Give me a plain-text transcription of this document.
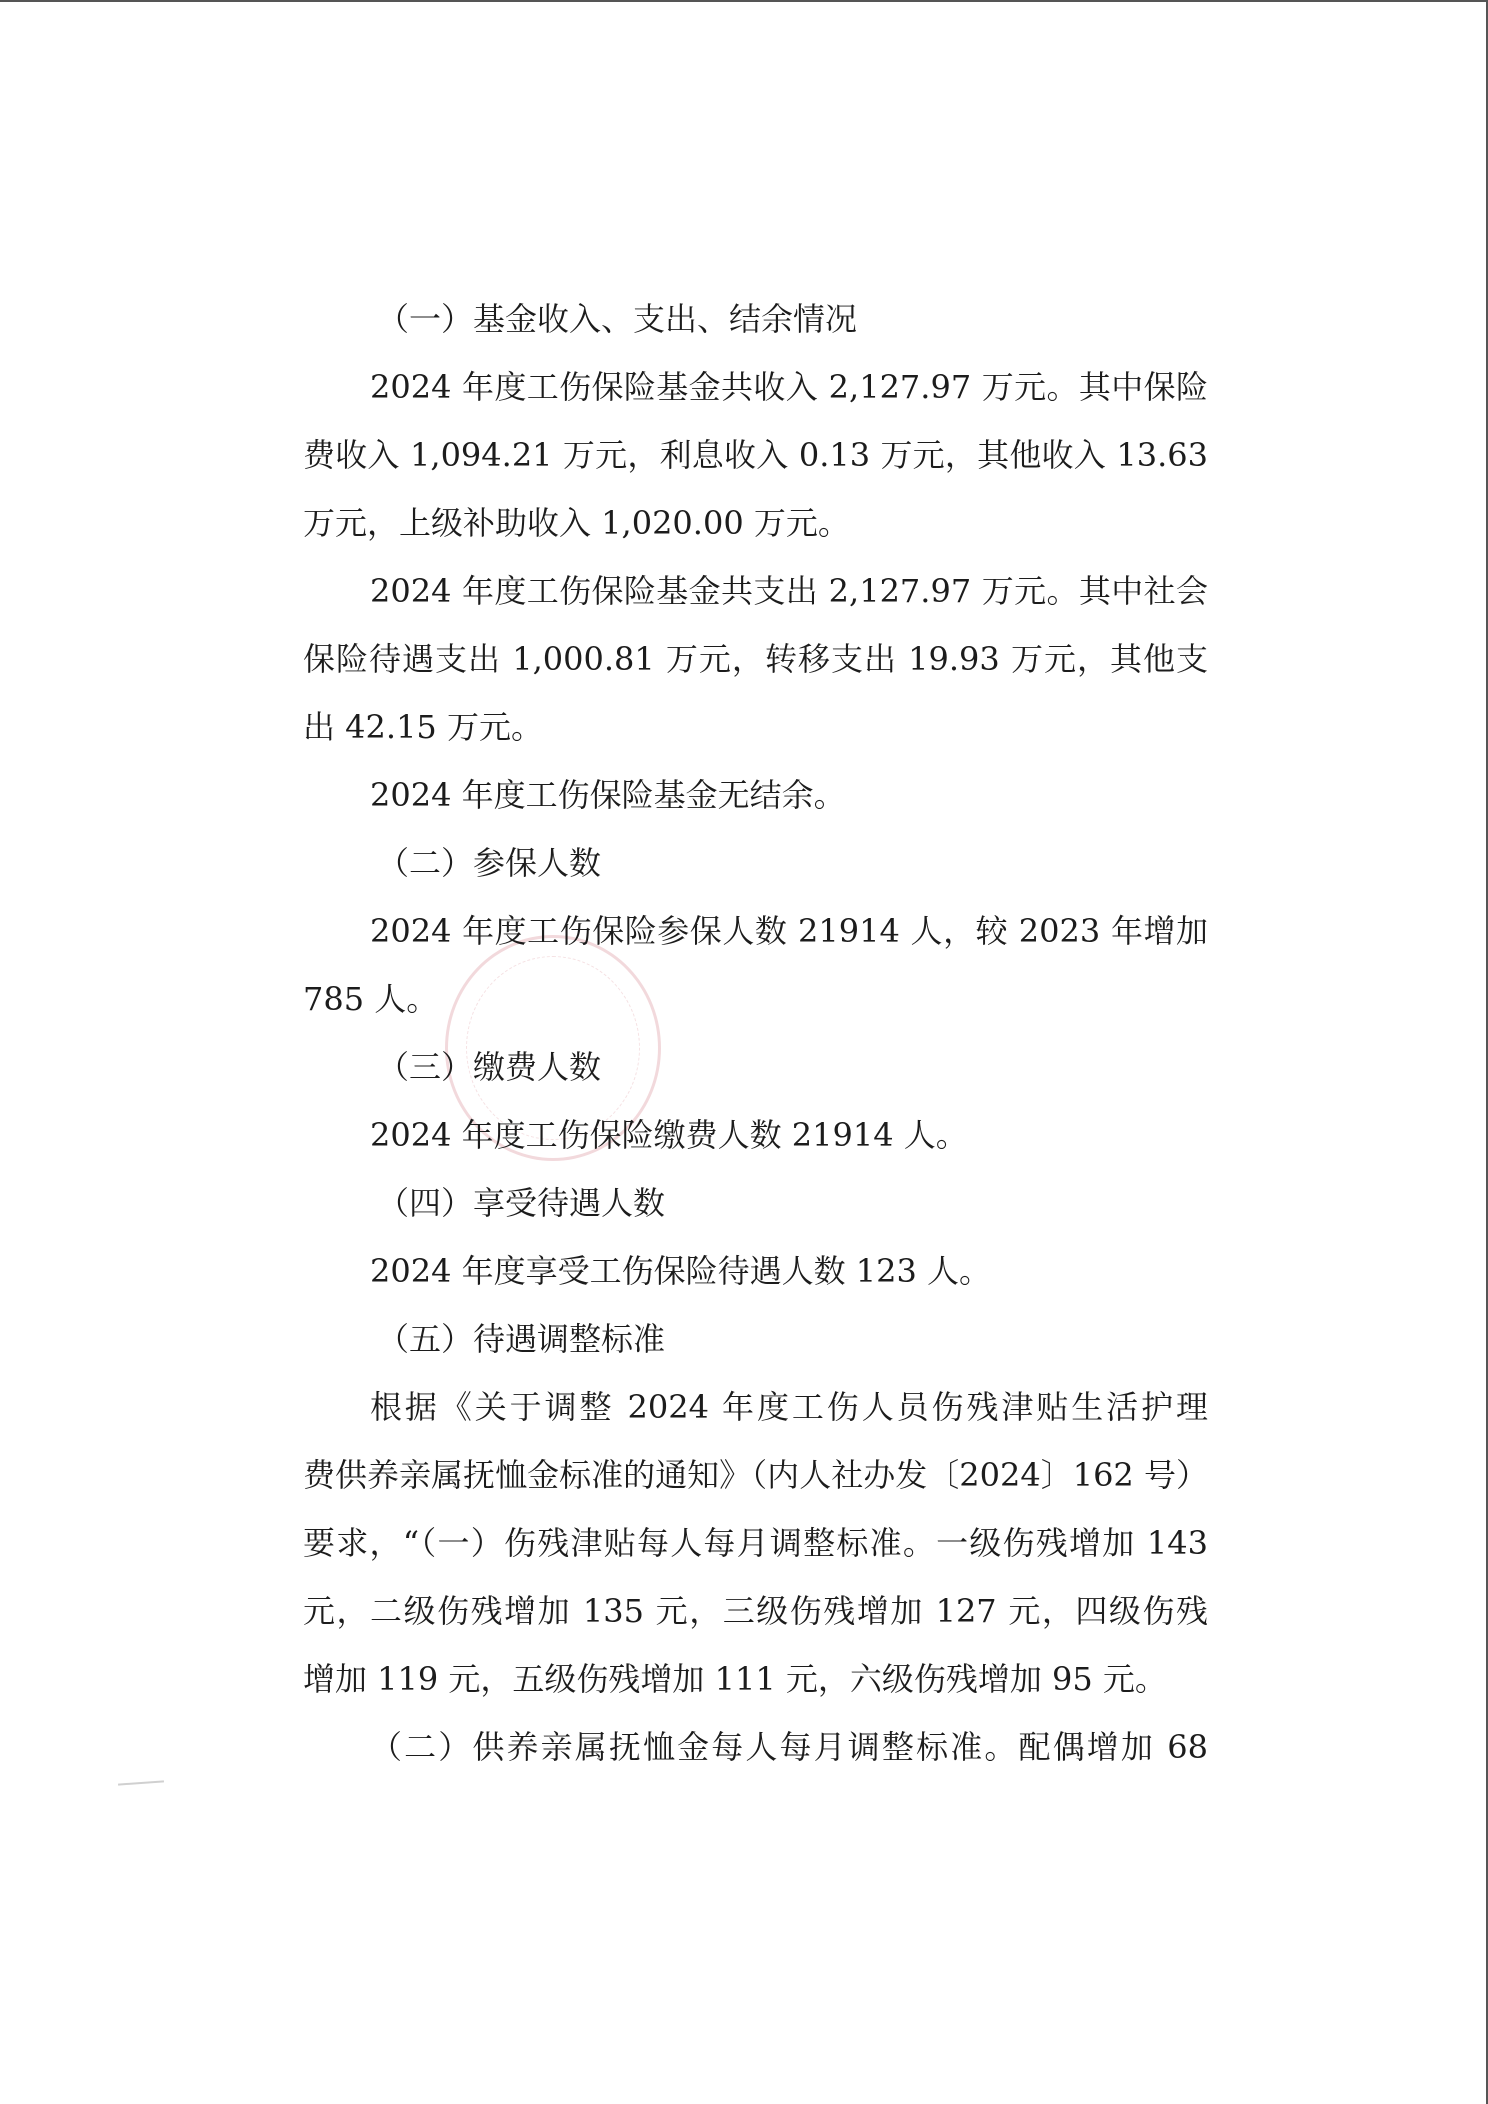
（一）基金收入、支出、结余情况
2024 年度工伤保险基金共收入 2,127.97 万元。其中保险
费收入 1,094.21 万元，利息收入 0.13 万元，其他收入 13.63
万元，上级补助收入 1,020.00 万元。
2024 年度工伤保险基金共支出 2,127.97 万元。其中社会
保险待遇支出 1,000.81 万元，转移支出 19.93 万元，其他支
出 42.15 万元。
2024 年度工伤保险基金无结余。
（二）参保人数
2024 年度工伤保险参保人数 21914 人，较 2023 年增加
785 人。
（三）缴费人数
2024 年度工伤保险缴费人数 21914 人。
（四）享受待遇人数
2024 年度享受工伤保险待遇人数 123 人。
（五）待遇调整标准
根据《关于调整 2024 年度工伤人员伤残津贴生活护理
费供养亲属抚恤金标准的通知》（内人社办发〔2024〕162 号）
要求，“（一）伤残津贴每人每月调整标准。一级伤残增加 143
元，二级伤残增加 135 元，三级伤残增加 127 元，四级伤残
增加 119 元，五级伤残增加 111 元，六级伤残增加 95 元。
（二）供养亲属抚恤金每人每月调整标准。配偶增加 68
